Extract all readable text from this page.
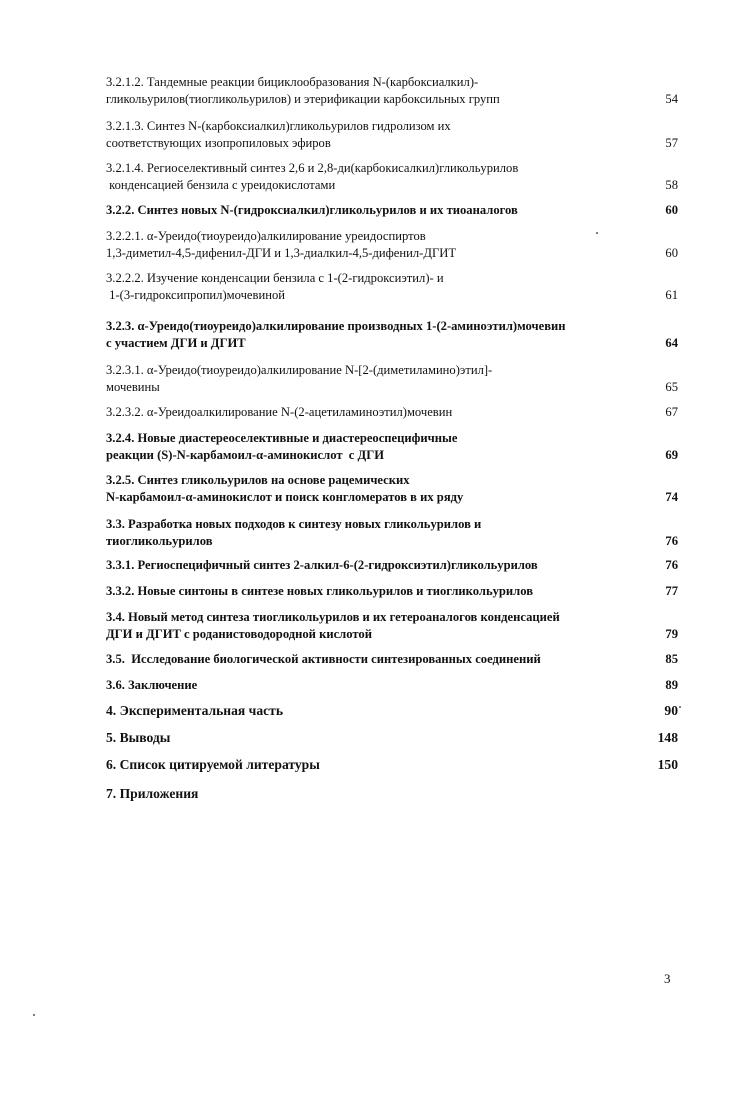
3.2.1.2. Тандемные реакции бициклообразования N-(карбоксиалкил)-
гликольурилов(тиогликольурилов) и этерификации карбоксильных групп	54
3.2.1.3. Синтез N-(карбоксиалкил)гликольурилов гидролизом их
соответствующих изопропиловых эфиров	57
3.2.1.4. Региоселективный синтез 2,6 и 2,8-ди(карбокисалкил)гликольурилов
конденсацией бензила с уреидокислотами	58
3.2.2. Синтез новых N-(гидроксиалкил)гликольурилов и их тиоаналогов	60
3.2.2.1. α-Уреидо(тиоуреидо)алкилирование уреидоспиртов
1,3-диметил-4,5-дифенил-ДГИ и 1,3-диалкил-4,5-дифенил-ДГИТ	60
3.2.2.2. Изучение конденсации бензила с 1-(2-гидроксиэтил)- и
1-(3-гидроксипропил)мочевиной	61
3.2.3. α-Уреидо(тиоуреидо)алкилирование производных 1-(2-аминоэтил)мочевин
с участием ДГИ и ДГИТ	64
3.2.3.1. α-Уреидо(тиоуреидо)алкилирование N-[2-(диметиламино)этил]-
мочевины	65
3.2.3.2. α-Уреидоалкилирование N-(2-ацетиламиноэтил)мочевин	67
3.2.4. Новые диастереоселективные и диастереоспецифичные
реакции (S)-N-карбамоил-α-аминокислот  с ДГИ	69
3.2.5. Синтез гликольурилов на основе рацемических
N-карбамоил-α-аминокислот и поиск конгломератов в их ряду	74
3.3. Разработка новых подходов к синтезу новых гликольурилов и
тиогликольурилов	76
3.3.1. Региоспецифичный синтез 2-алкил-6-(2-гидроксиэтил)гликольурилов	76
3.3.2. Новые синтоны в синтезе новых гликольурилов и тиогликольурилов	77
3.4. Новый метод синтеза тиогликольурилов и их гетероаналогов конденсацией
ДГИ и ДГИТ с роданистоводородной кислотой	79
3.5.  Исследование биологической активности синтезированных соединений	85
3.6. Заключение	89
4. Экспериментальная часть	90
5. Выводы	148
6. Список цитируемой литературы	150
7. Приложения
3
